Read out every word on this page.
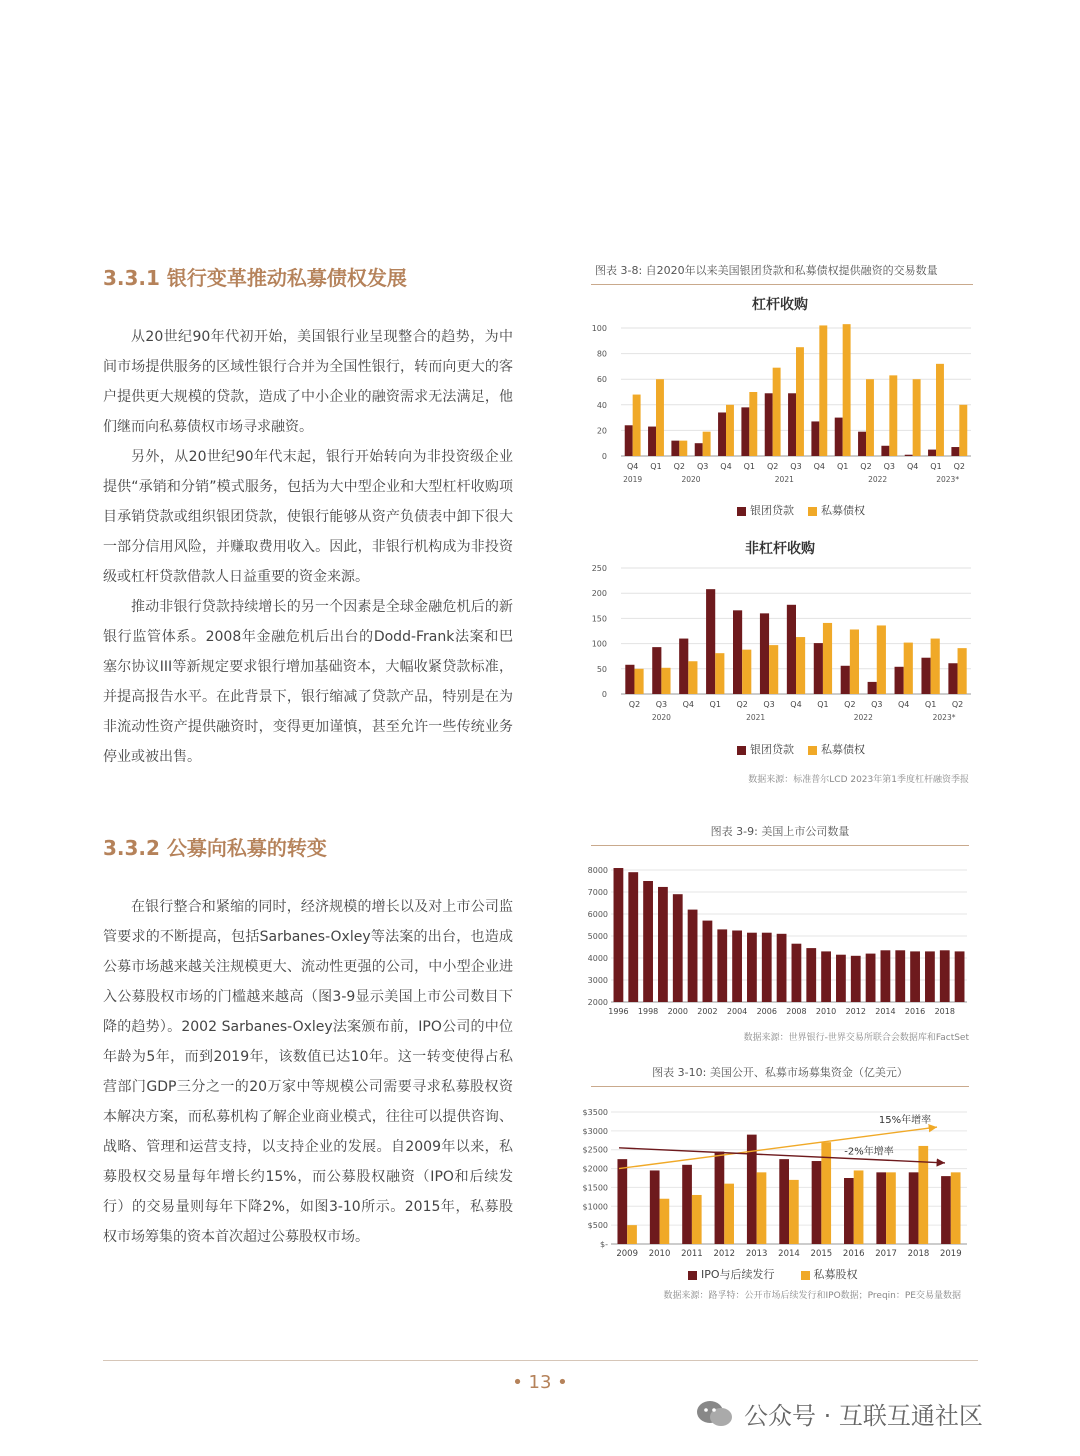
3.3.1 银行变革推动私募债权发展

从20世纪90年代初开始，美国银行业呈现整合的趋势，为中间市场提供服务的区域性银行合并为全国性银行，转而向更大的客户提供更大规模的贷款，造成了中小企业的融资需求无法满足，他们继而向私募债权市场寻求融资。

另外，从20世纪90年代末起，银行开始转向为非投资级企业提供“承销和分销”模式服务，包括为大中型企业和大型杠杆收购项目承销贷款或组织银团贷款，使银行能够从资产负债表中卸下很大一部分信用风险，并赚取费用收入。因此，非银行机构成为非投资级或杠杆贷款借款人日益重要的资金来源。

推动非银行贷款持续增长的另一个因素是全球金融危机后的新银行监管体系。2008年金融危机后出台的Dodd-Frank法案和巴塞尔协议III等新规定要求银行增加基础资本，大幅收紧贷款标准，并提高报告水平。在此背景下，银行缩减了贷款产品，特别是在为非流动性资产提供融资时，变得更加谨慎，甚至允许一些传统业务停业或被出售。

3.3.2 公募向私募的转变

在银行整合和紧缩的同时，经济规模的增长以及对上市公司监管要求的不断提高，包括Sarbanes-Oxley等法案的出台，也造成公募市场越来越关注规模更大、流动性更强的公司，中小型企业进入公募股权市场的门槛越来越高（图3-9显示美国上市公司数目下降的趋势）。2002 Sarbanes-Oxley法案颁布前，IPO公司的中位年龄为5年，而到2019年，该数值已达10年。这一转变使得占私营部门GDP三分之一的20万家中等规模公司需要寻求私募股权资本解决方案，而私募机构了解企业商业模式，往往可以提供咨询、战略、管理和运营支持，以支持企业的发展。自2009年以来，私募股权交易量每年增长约15%，而公募股权融资（IPO和后续发行）的交易量则每年下降2%，如图3-10所示。2015年，私募股权市场筹集的资本首次超过公募股权市场。

图表 3-8: 自2020年以来美国银团贷款和私募债权提供融资的交易数量
杠杆收购
0
20
40
60
80
100
Q4 Q1 Q2 Q3 Q4 Q1 Q2 Q3 Q4 Q1 Q2 Q3 Q4 Q1 Q2
2019	2020	2021	2022	2023*
银团贷款	私募债权
非杠杆收购
0
50
100
150
200
250
Q2 Q3 Q4 Q1 Q2 Q3 Q4 Q1 Q2 Q3 Q4 Q1 Q2
2020	2021	2022	2023*
银团贷款	私募债权
数据来源：标准普尔LCD 2023年第1季度杠杆融资季报
图表 3-9: 美国上市公司数量
2000
3000
4000
5000
6000
7000
8000
1996 1998 2000 2002 2004 2006 2008 2010 2012 2014 2016 2018
数据来源：世界银行-世界交易所联合会数据库和FactSet
图表 3-10: 美国公开、私募市场募集资金（亿美元）
$-
$500
$1000
$1500
$2000
$2500
$3000
$3500
2009 2010 2011 2012 2013 2014 2015 2016 2017 2018 2019
15%年增率
-2%年增率
IPO与后续发行	私募股权
数据来源：路孚特：公开市场后续发行和IPO数据；Preqin：PE交易量数据
• 13 •
公众号 · 互联互通社区
